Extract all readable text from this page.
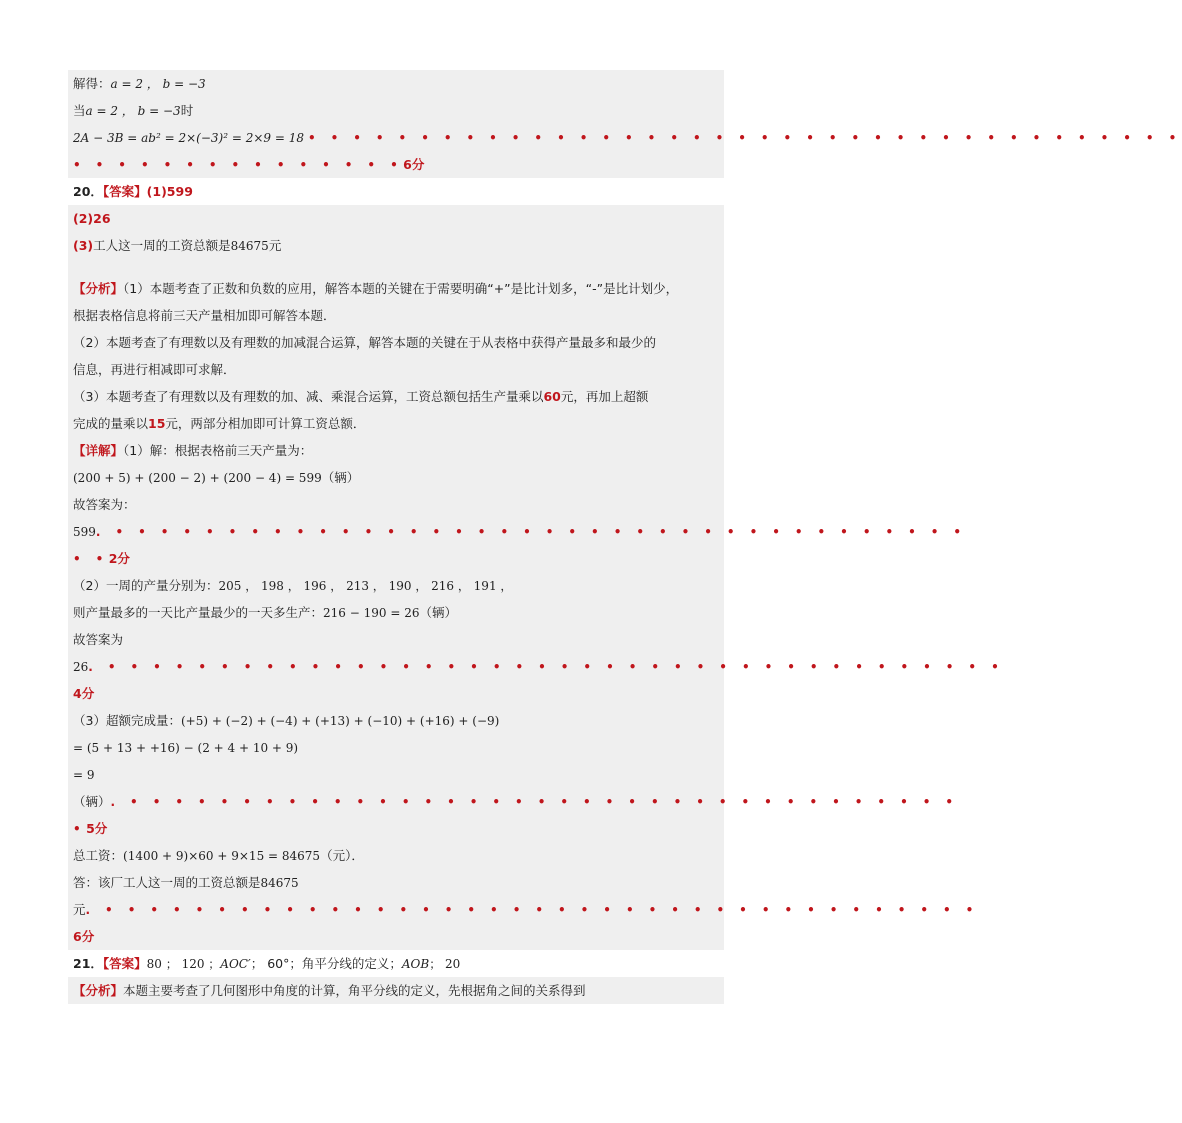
解得：a = 2 ， b = −3
当a = 2 ， b = −3时
2A − 3B = ab² = 2×(−3)² = 2×9 = 18 • • • • • • • • • • • • • • • • • • • • • • • • • • • • • • • • • • • • • • •
• • • • • • • • • • • • • • •6分
20．【答案】(1)599
(2)26
(3)工人这一周的工资总额是84675元
【分析】（1）本题考查了正数和负数的应用，解答本题的关键在于需要明确“+”是比计划多，“-”是比计划少，
根据表格信息将前三天产量相加即可解答本题．
（2）本题考查了有理数以及有理数的加减混合运算，解答本题的关键在于从表格中获得产量最多和最少的
信息，再进行相减即可求解．
（3）本题考查了有理数以及有理数的加、减、乘混合运算，工资总额包括生产量乘以60元，再加上超额
完成的量乘以15元，两部分相加即可计算工资总额．
【详解】（1）解：根据表格前三天产量为：
(200 + 5) + (200 − 2) + (200 − 4) = 599（辆）
故答案为：
599. • • • • • • • • • • • • • • • • • • • • • • • • • • • • • • • • • • • • • •
• •2分
（2）一周的产量分别为：205 ， 198 ， 196 ， 213 ， 190 ， 216 ， 191 ，
则产量最多的一天比产量最少的一天多生产：216 − 190 = 26（辆）
故答案为
26. • • • • • • • • • • • • • • • • • • • • • • • • • • • • • • • • • • • • • • • •
4分
（3）超额完成量：(+5) + (−2) + (−4) + (+13) + (−10) + (+16) + (−9)
= (5 + 13 + +16) − (2 + 4 + 10 + 9)
= 9
（辆）. • • • • • • • • • • • • • • • • • • • • • • • • • • • • • • • • • • • • •
•5分
总工资：(1400 + 9)×60 + 9×15 = 84675（元）．
答：该厂工人这一周的工资总额是84675
元. • • • • • • • • • • • • • • • • • • • • • • • • • • • • • • • • • • • • • • •
6分
21．【答案】80 ； 120 ；AOC′； 60°；角平分线的定义；AOB； 20
【分析】本题主要考查了几何图形中角度的计算，角平分线的定义，先根据角之间的关系得到
